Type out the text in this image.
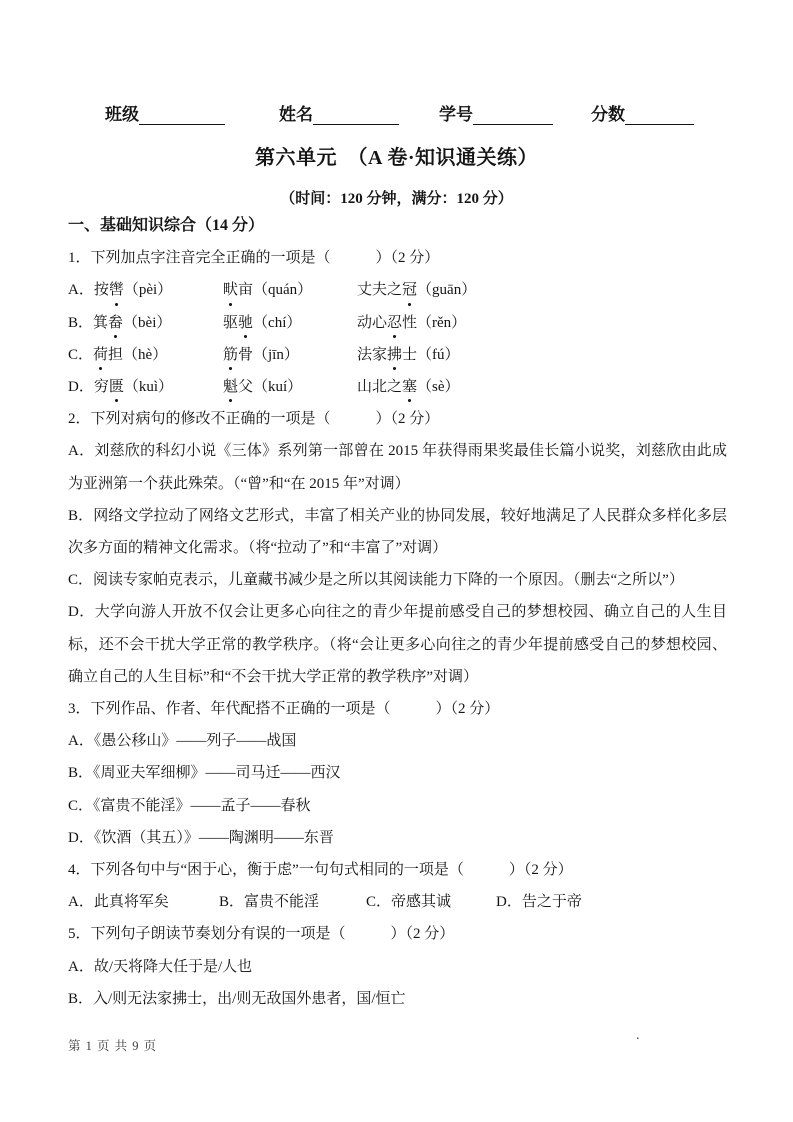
班级	姓名	学号	分数
第六单元　（A 卷·知识通关练）
（时间：120 分钟，满分：120 分）

一、基础知识综合（14 分）

1．下列加点字注音完全正确的一项是（　　　）（2 分）

A．按辔（pèi）	畎亩（quán）	丈夫之冠（guān）

B．箕畚（bèi）	驱驰（chí）	动心忍性（rěn）

C．荷担（hè）	筋骨（jīn）	法家拂士（fú）

D．穷匮（kuì）	魁父（kuí）	山北之塞（sè）

2．下列对病句的修改不正确的一项是（　　　）（2 分）

A．刘慈欣的科幻小说《三体》系列第一部曾在 2015 年获得雨果奖最佳长篇小说奖，刘慈欣由此成为亚洲第一个获此殊荣。（“曾”和“在 2015 年”对调）

B．网络文学拉动了网络文艺形式，丰富了相关产业的协同发展，较好地满足了人民群众多样化多层次多方面的精神文化需求。（将“拉动了”和“丰富了”对调）

C．阅读专家帕克表示，儿童藏书减少是之所以其阅读能力下降的一个原因。（删去“之所以”）

D．大学向游人开放不仅会让更多心向往之的青少年提前感受自己的梦想校园、确立自己的人生目标，还不会干扰大学正常的教学秩序。（将“会让更多心向往之的青少年提前感受自己的梦想校园、确立自己的人生目标”和“不会干扰大学正常的教学秩序”对调）

3．下列作品、作者、年代配搭不正确的一项是（　　　）（2 分）

A．《愚公移山》——列子——战国

B．《周亚夫军细柳》——司马迁——西汉

C．《富贵不能淫》——孟子——春秋

D．《饮酒（其五）》——陶渊明——东晋

4．下列各句中与“困于心，衡于虑”一句句式相同的一项是（　　　）（2 分）

A．此真将军矣	B．富贵不能淫	C．帝感其诚	D．告之于帝

5．下列句子朗读节奏划分有误的一项是（　　　）（2 分）

A．故/天将降大任于是/人也

B．入/则无法家拂士，出/则无敌国外患者，国/恒亡

第 1 页 共 9 页
.
